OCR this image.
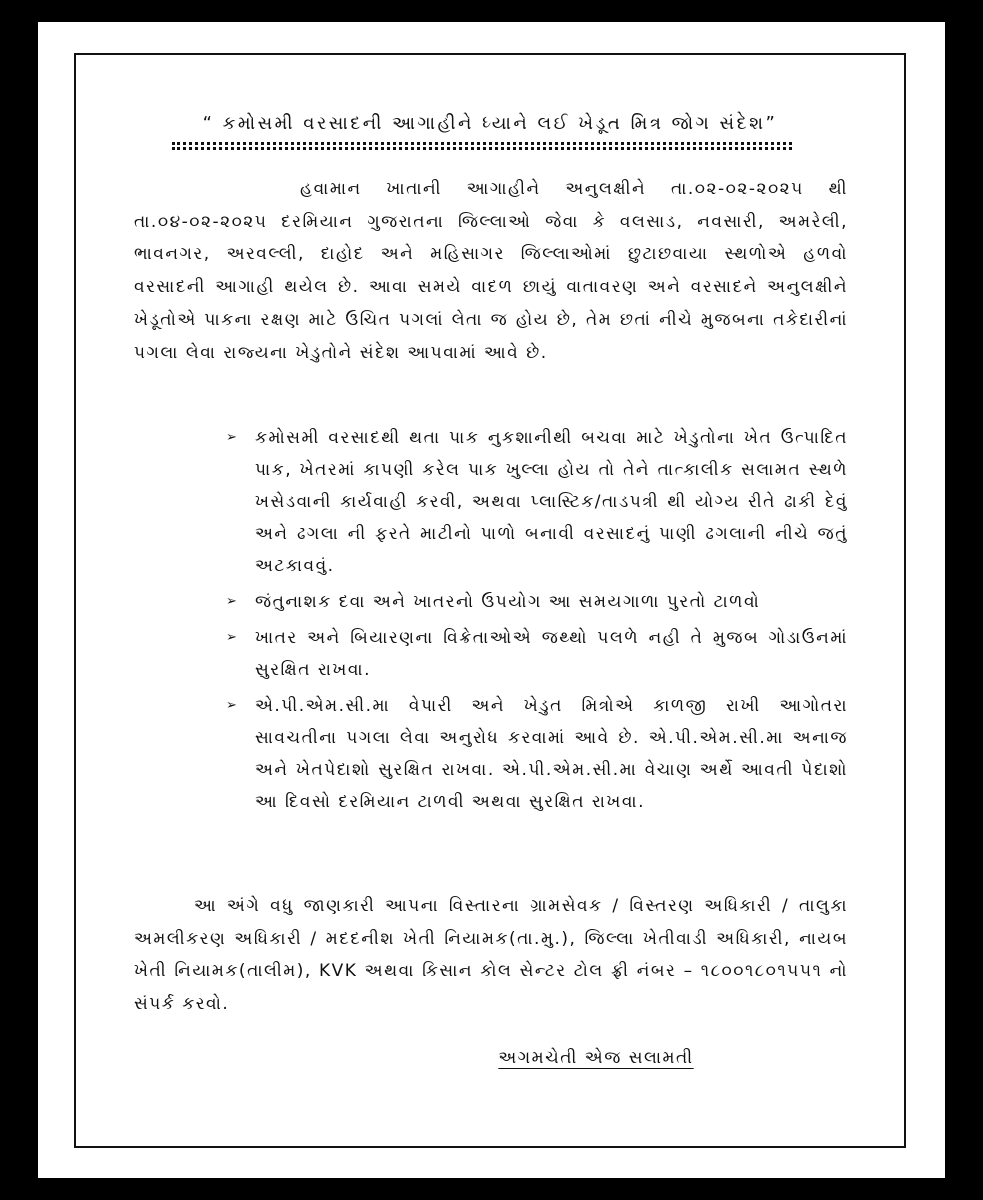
“ કમોસમી વરસાદની આગાહીને ધ્યાને લઈ ખેડૂત મિત્ર જોગ સંદેશ”

હવામાન ખાતાની આગાહીને અનુલક્ષીને તા.૦૨-૦૨-૨૦૨૫ થી તા.૦૪-૦૨-૨૦૨૫ દરમિયાન ગુજરાતના જિલ્લાઓ જેવા કે વલસાડ, નવસારી, અમરેલી, ભાવનગર, અરવલ્લી, દાહોદ અને મહિસાગર જિલ્લાઓમાં છુટાછવાયા સ્થળોએ હળવો વરસાદની આગાહી થયેલ છે. આવા સમયે વાદળ છાયું વાતાવરણ અને વરસાદને અનુલક્ષીને ખેડૂતોએ પાકના રક્ષણ માટે ઉચિત પગલાં લેતા જ હોય છે, તેમ છતાં નીચે મુજબના તકેદારીનાં પગલા લેવા રાજ્યના ખેડુતોને સંદેશ આપવામાં આવે છે.

➢ કમોસમી વરસાદથી થતા પાક નુકશાનીથી બચવા માટે ખેડુતોના ખેત ઉત્પાદિત પાક, ખેતરમાં કાપણી કરેલ પાક ખુલ્લા હોય તો તેને તાત્કાલીક સલામત સ્થળે ખસેડવાની કાર્યવાહી કરવી, અથવા પ્લાસ્ટિક/તાડપત્રી થી યોગ્ય રીતે ઢાકી દેવું અને ઢગલા ની ફરતે માટીનો પાળો બનાવી વરસાદનું પાણી ઢગલાની નીચે જતું અટકાવવું.
➢ જંતુનાશક દવા અને ખાતરનો ઉપયોગ આ સમયગાળા પુરતો ટાળવો
➢ ખાતર અને બિયારણના વિક્રેતાઓએ જથ્થો પલળે નહી તે મુજબ ગોડાઉનમાં સુરક્ષિત રાખવા.
➢ એ.પી.એમ.સી.મા વેપારી અને ખેડુત મિત્રોએ કાળજી રાખી આગોતરા સાવચતીના પગલા લેવા અનુરોધ કરવામાં આવે છે. એ.પી.એમ.સી.મા અનાજ અને ખેતપેદાશો સુરક્ષિત રાખવા. એ.પી.એમ.સી.મા વેચાણ અર્થે આવતી પેદાશો આ દિવસો દરમિયાન ટાળવી અથવા સુરક્ષિત રાખવા.

આ અંગે વધુ જાણકારી આપના વિસ્તારના ગ્રામસેવક / વિસ્તરણ અધિકારી / તાલુકા અમલીકરણ અધિકારી / મદદનીશ ખેતી નિયામક(તા.મુ.), જિલ્લા ખેતીવાડી અધિકારી, નાયબ ખેતી નિયામક(તાલીમ), KVK અથવા કિસાન કોલ સેન્ટર ટોલ ફ્રી નંબર – ૧૮૦૦૧૮૦૧૫૫૧ નો સંપર્ક કરવો.

અગમચેતી એજ સલામતી
